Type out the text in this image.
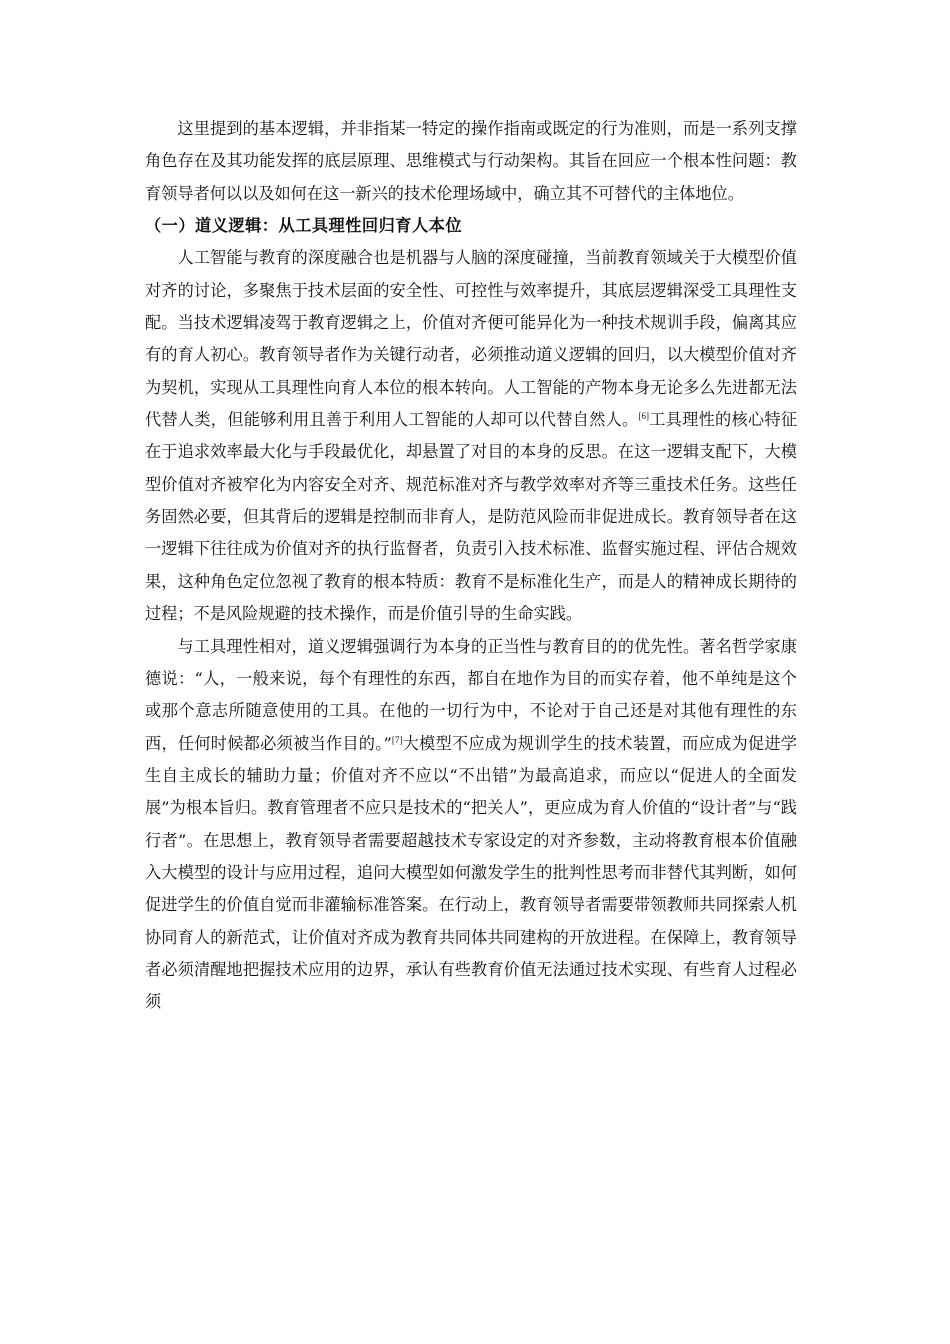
这里提到的基本逻辑，并非指某一特定的操作指南或既定的行为准则，而是一系列支撑角色存在及其功能发挥的底层原理、思维模式与行动架构。其旨在回应一个根本性问题：教育领导者何以以及如何在这一新兴的技术伦理场域中，确立其不可替代的主体地位。

（一）道义逻辑：从工具理性回归育人本位

人工智能与教育的深度融合也是机器与人脑的深度碰撞，当前教育领域关于大模型价值对齐的讨论，多聚焦于技术层面的安全性、可控性与效率提升，其底层逻辑深受工具理性支配。当技术逻辑凌驾于教育逻辑之上，价值对齐便可能异化为一种技术规训手段，偏离其应有的育人初心。教育领导者作为关键行动者，必须推动道义逻辑的回归，以大模型价值对齐为契机，实现从工具理性向育人本位的根本转向。人工智能的产物本身无论多么先进都无法代替人类，但能够利用且善于利用人工智能的人却可以代替自然人。[6]工具理性的核心特征在于追求效率最大化与手段最优化，却悬置了对目的本身的反思。在这一逻辑支配下，大模型价值对齐被窄化为内容安全对齐、规范标准对齐与教学效率对齐等三重技术任务。这些任务固然必要，但其背后的逻辑是控制而非育人，是防范风险而非促进成长。教育领导者在这一逻辑下往往成为价值对齐的执行监督者，负责引入技术标准、监督实施过程、评估合规效果，这种角色定位忽视了教育的根本特质：教育不是标准化生产，而是人的精神成长期待的过程；不是风险规避的技术操作，而是价值引导的生命实践。

与工具理性相对，道义逻辑强调行为本身的正当性与教育目的的优先性。著名哲学家康德说：“人，一般来说，每个有理性的东西，都自在地作为目的而实存着，他不单纯是这个或那个意志所随意使用的工具。在他的一切行为中，不论对于自己还是对其他有理性的东西，任何时候都必须被当作目的。”[7]大模型不应成为规训学生的技术装置，而应成为促进学生自主成长的辅助力量；价值对齐不应以“不出错”为最高追求，而应以“促进人的全面发展”为根本旨归。教育管理者不应只是技术的“把关人”，更应成为育人价值的“设计者”与“践行者”。在思想上，教育领导者需要超越技术专家设定的对齐参数，主动将教育根本价值融入大模型的设计与应用过程，追问大模型如何激发学生的批判性思考而非替代其判断，如何促进学生的价值自觉而非灌输标准答案。在行动上，教育领导者需要带领教师共同探索人机协同育人的新范式，让价值对齐成为教育共同体共同建构的开放进程。在保障上，教育领导者必须清醒地把握技术应用的边界，承认有些教育价值无法通过技术实现、有些育人过程必须
